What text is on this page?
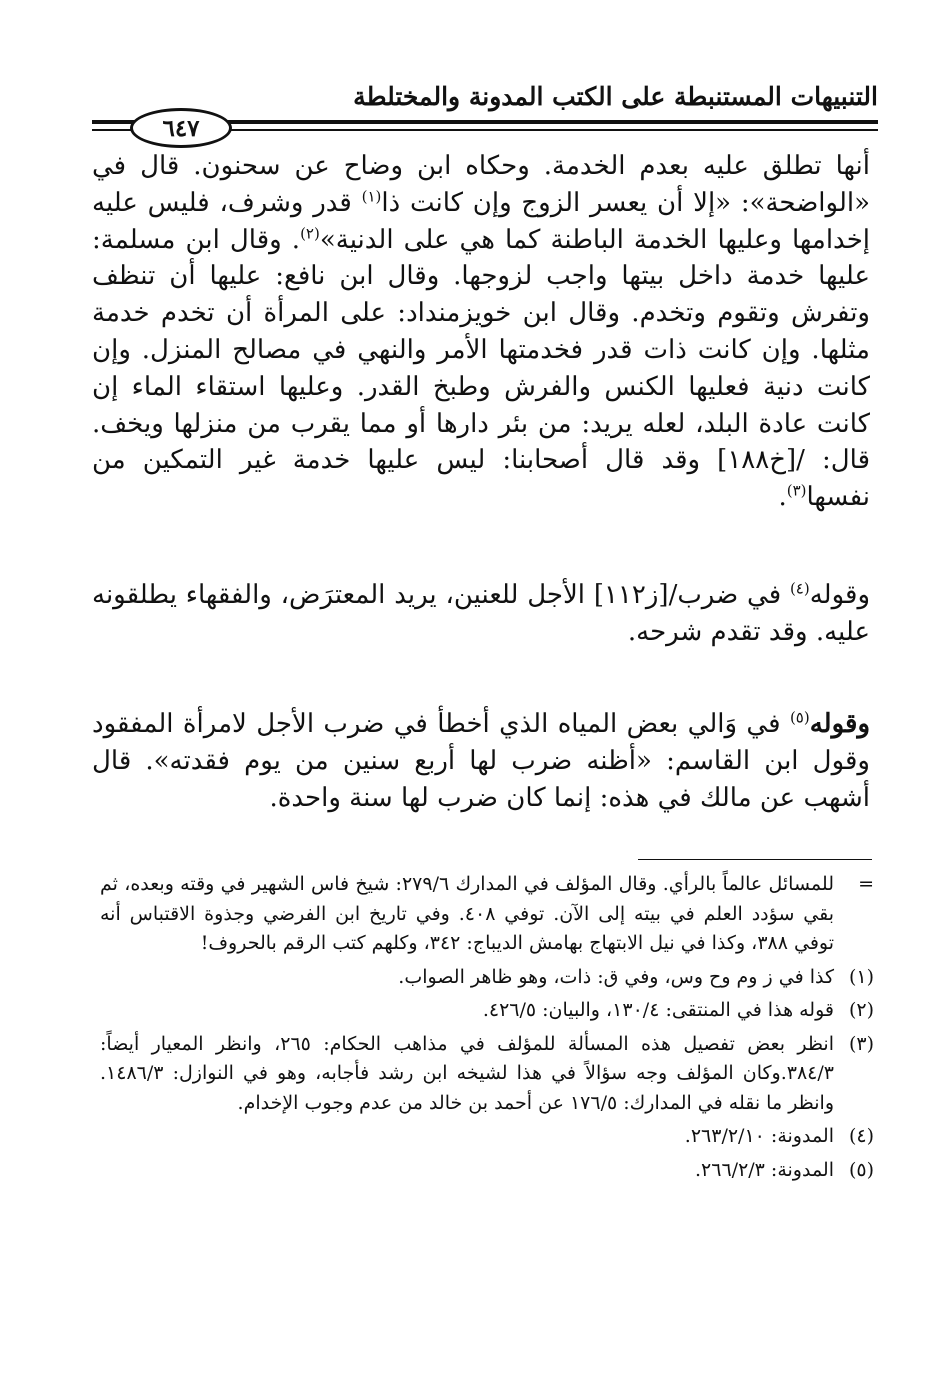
التنبيهات المستنبطة على الكتب المدونة والمختلطة
٦٤٧

أنها تطلق عليه بعدم الخدمة. وحكاه ابن وضاح عن سحنون. قال في «الواضحة»: «إلا أن يعسر الزوج وإن كانت ذا$^{(١)}$ قدر وشرف، فليس عليه إخدامها وعليها الخدمة الباطنة كما هي على الدنية»$^{(٢)}$. وقال ابن مسلمة: عليها خدمة داخل بيتها واجب لزوجها. وقال ابن نافع: عليها أن تنظف وتفرش وتقوم وتخدم. وقال ابن خويزمنداد: على المرأة أن تخدم خدمة مثلها. وإن كانت ذات قدر فخدمتها الأمر والنهي في مصالح المنزل. وإن كانت دنية فعليها الكنس والفرش وطبخ القدر. وعليها استقاء الماء إن كانت عادة البلد، لعله يريد: من بئر دارها أو مما يقرب من منزلها ويخف. قال: /[خ١٨٨] وقد قال أصحابنا: ليس عليها خدمة غير التمكين من نفسها$^{(٣)}$.

وقوله$^{(٤)}$ في ضرب/[ز١١٢] الأجل للعنين، يريد المعترَض، والفقهاء يطلقونه عليه. وقد تقدم شرحه.

وقوله$^{(٥)}$ في وَالي بعض المياه الذي أخطأ في ضرب الأجل لامرأة المفقود وقول ابن القاسم: «أظنه ضرب لها أربع سنين من يوم فقدته». قال أشهب عن مالك في هذه: إنما كان ضرب لها سنة واحدة.

=
للمسائل عالماً بالرأي. وقال المؤلف في المدارك ٢٧٩/٦: شيخ فاس الشهير في وقته وبعده، ثم بقي سؤدد العلم في بيته إلى الآن. توفي ٤٠٨. وفي تاريخ ابن الفرضي وجذوة الاقتباس أنه توفي ٣٨٨، وكذا في نيل الابتهاج بهامش الديباج: ٣٤٢، وكلهم كتب الرقم بالحروف!
(١)
كذا في ز وم وح وس، وفي ق: ذات، وهو ظاهر الصواب.
(٢)
قوله هذا في المنتقى: ١٣٠/٤، والبيان: ٤٢٦/٥.
(٣)
انظر بعض تفصيل هذه المسألة للمؤلف في مذاهب الحكام: ٢٦٥، وانظر المعيار أيضاً: ٣٨٤/٣.وكان المؤلف وجه سؤالاً في هذا لشيخه ابن رشد فأجابه، وهو في النوازل: ١٤٨٦/٣. وانظر ما نقله في المدارك: ١٧٦/٥ عن أحمد بن خالد من عدم وجوب الإخدام.
(٤)
المدونة: ٢٦٣/٢/١٠.
(٥)
المدونة: ٢٦٦/٢/٣.
